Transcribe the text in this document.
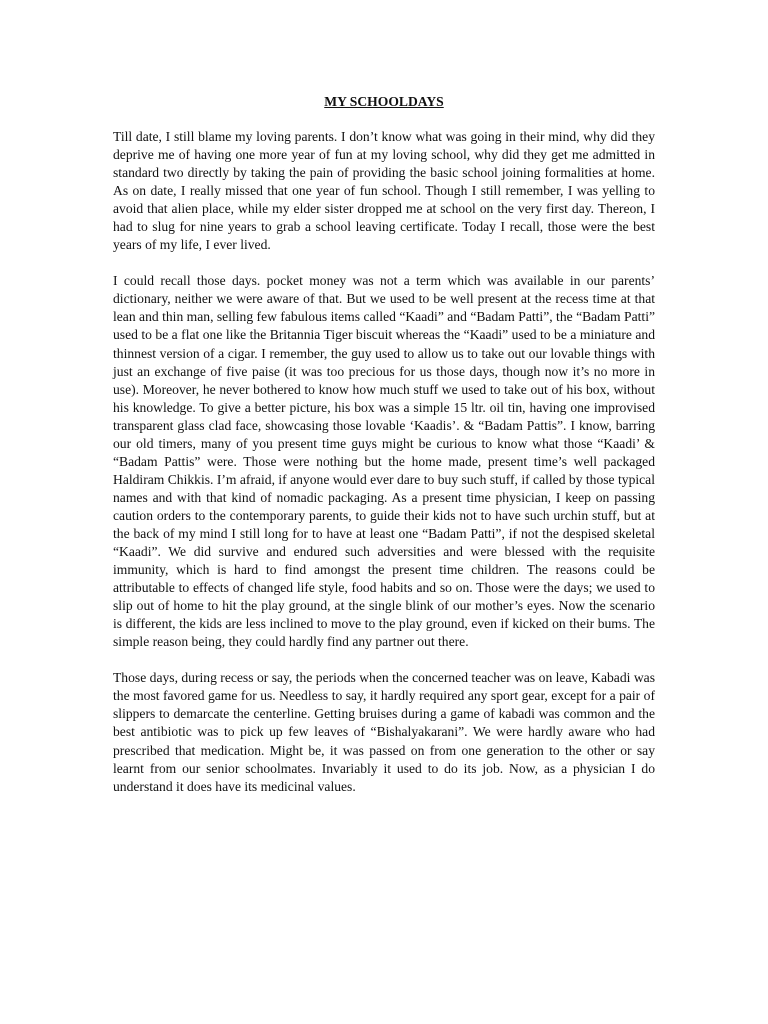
MY SCHOOLDAYS

Till date, I still blame my loving parents. I don’t know what was going in their mind, why did they deprive me of having one more year of fun at my loving school, why did they get me admitted in standard two directly by taking the pain of providing the basic school joining formalities at home. As on date, I really missed that one year of fun school. Though I still remember, I was yelling to avoid that alien place, while my elder sister dropped me at school on the very first day. Thereon, I had to slug for nine years to grab a school leaving certificate. Today I recall, those were the best years of my life, I ever lived.

I could recall those days. pocket money was not a term which was available in our parents’ dictionary, neither we were aware of that. But we used to be well present at the recess time at that lean and thin man, selling few fabulous items called “Kaadi” and “Badam Patti”, the “Badam Patti” used to be a flat one like the Britannia Tiger biscuit whereas the “Kaadi” used to be a miniature and thinnest version of a cigar. I remember, the guy used to allow us to take out our lovable things with just an exchange of five paise (it was too precious for us those days, though now it’s no more in use). Moreover, he never bothered to know how much stuff we used to take out of his box, without his knowledge. To give a better picture, his box was a simple 15 ltr. oil tin, having one improvised transparent glass clad face, showcasing those lovable ‘Kaadis’. & “Badam Pattis”. I know, barring our old timers, many of you present time guys might be curious to know what those “Kaadi’ & “Badam Pattis” were. Those were nothing but the home made, present time’s well packaged Haldiram Chikkis. I’m afraid, if anyone would ever dare to buy such stuff, if called by those typical names and with that kind of nomadic packaging. As a present time physician, I keep on passing caution orders to the contemporary parents, to guide their kids not to have such urchin stuff, but at the back of my mind I still long for to have at least one “Badam Patti”, if not the despised skeletal “Kaadi”. We did survive and endured such adversities and were blessed with the requisite immunity, which is hard to find amongst the present time children. The reasons could be attributable to effects of changed life style, food habits and so on. Those were the days; we used to slip out of home to hit the play ground, at the single blink of our mother’s eyes. Now the scenario is different, the kids are less inclined to move to the play ground, even if kicked on their bums. The simple reason being, they could hardly find any partner out there.

Those days, during recess or say, the periods when the concerned teacher was on leave, Kabadi was the most favored game for us. Needless to say, it hardly required any sport gear, except for a pair of slippers to demarcate the centerline. Getting bruises during a game of kabadi was common and the best antibiotic was to pick up few leaves of “Bishalyakarani”. We were hardly aware who had prescribed that medication. Might be, it was passed on from one generation to the other or say learnt from our senior schoolmates. Invariably it used to do its job. Now, as a physician I do understand it does have its medicinal values.
